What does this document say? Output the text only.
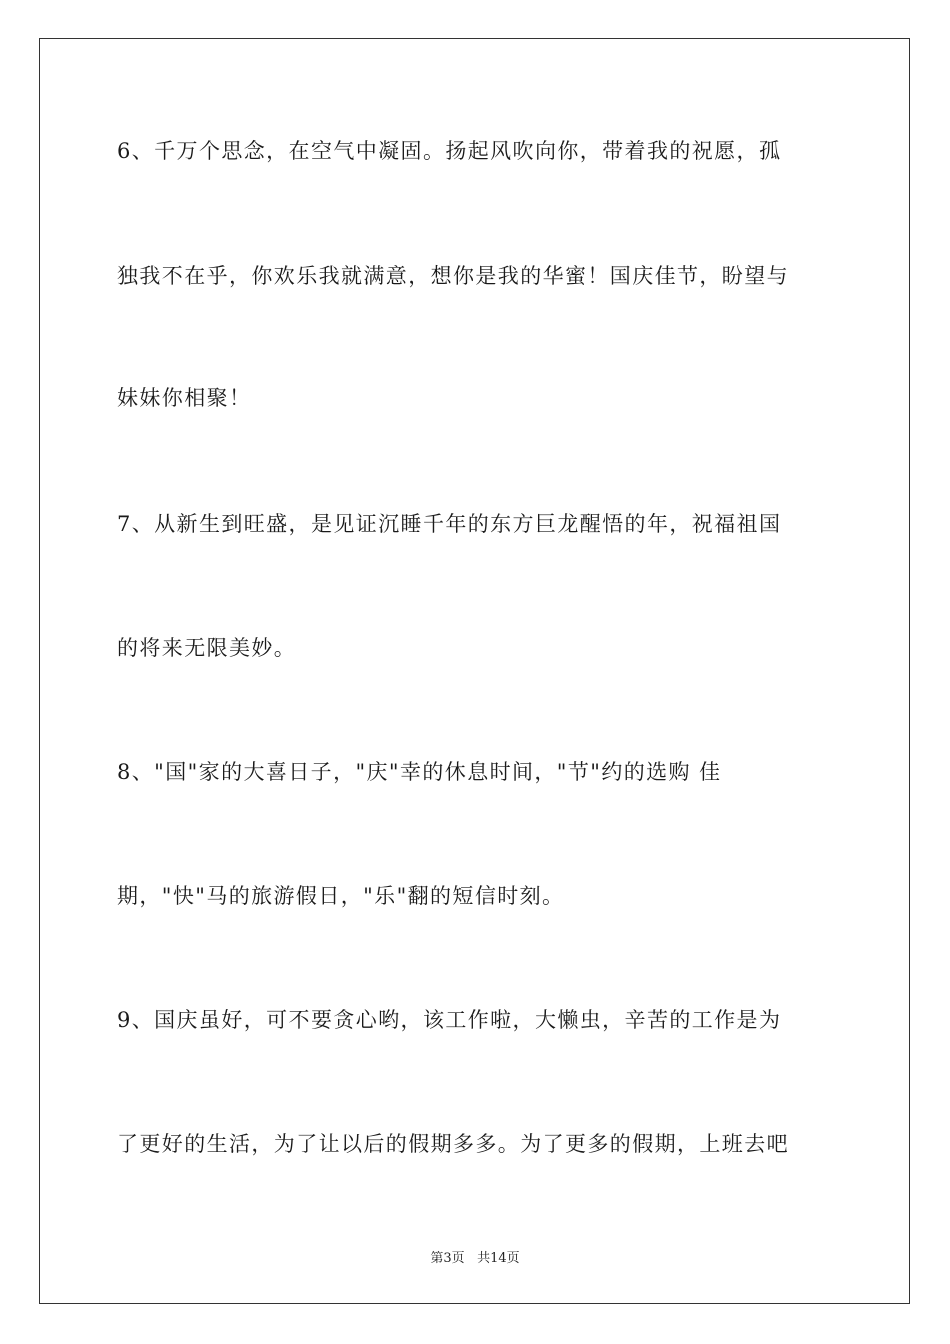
6、千万个思念，在空气中凝固。扬起风吹向你，带着我的祝愿，孤
独我不在乎，你欢乐我就满意，想你是我的华蜜！国庆佳节，盼望与
妹妹你相聚！
7、从新生到旺盛，是见证沉睡千年的东方巨龙醒悟的年，祝福祖国
的将来无限美妙。
8、"国"家的大喜日子，"庆"幸的休息时间，"节"约的选购 佳
期，"快"马的旅游假日，"乐"翻的短信时刻。
9、国庆虽好，可不要贪心哟，该工作啦，大懒虫，辛苦的工作是为
了更好的生活，为了让以后的假期多多。为了更多的假期，上班去吧
第3页 共14页
